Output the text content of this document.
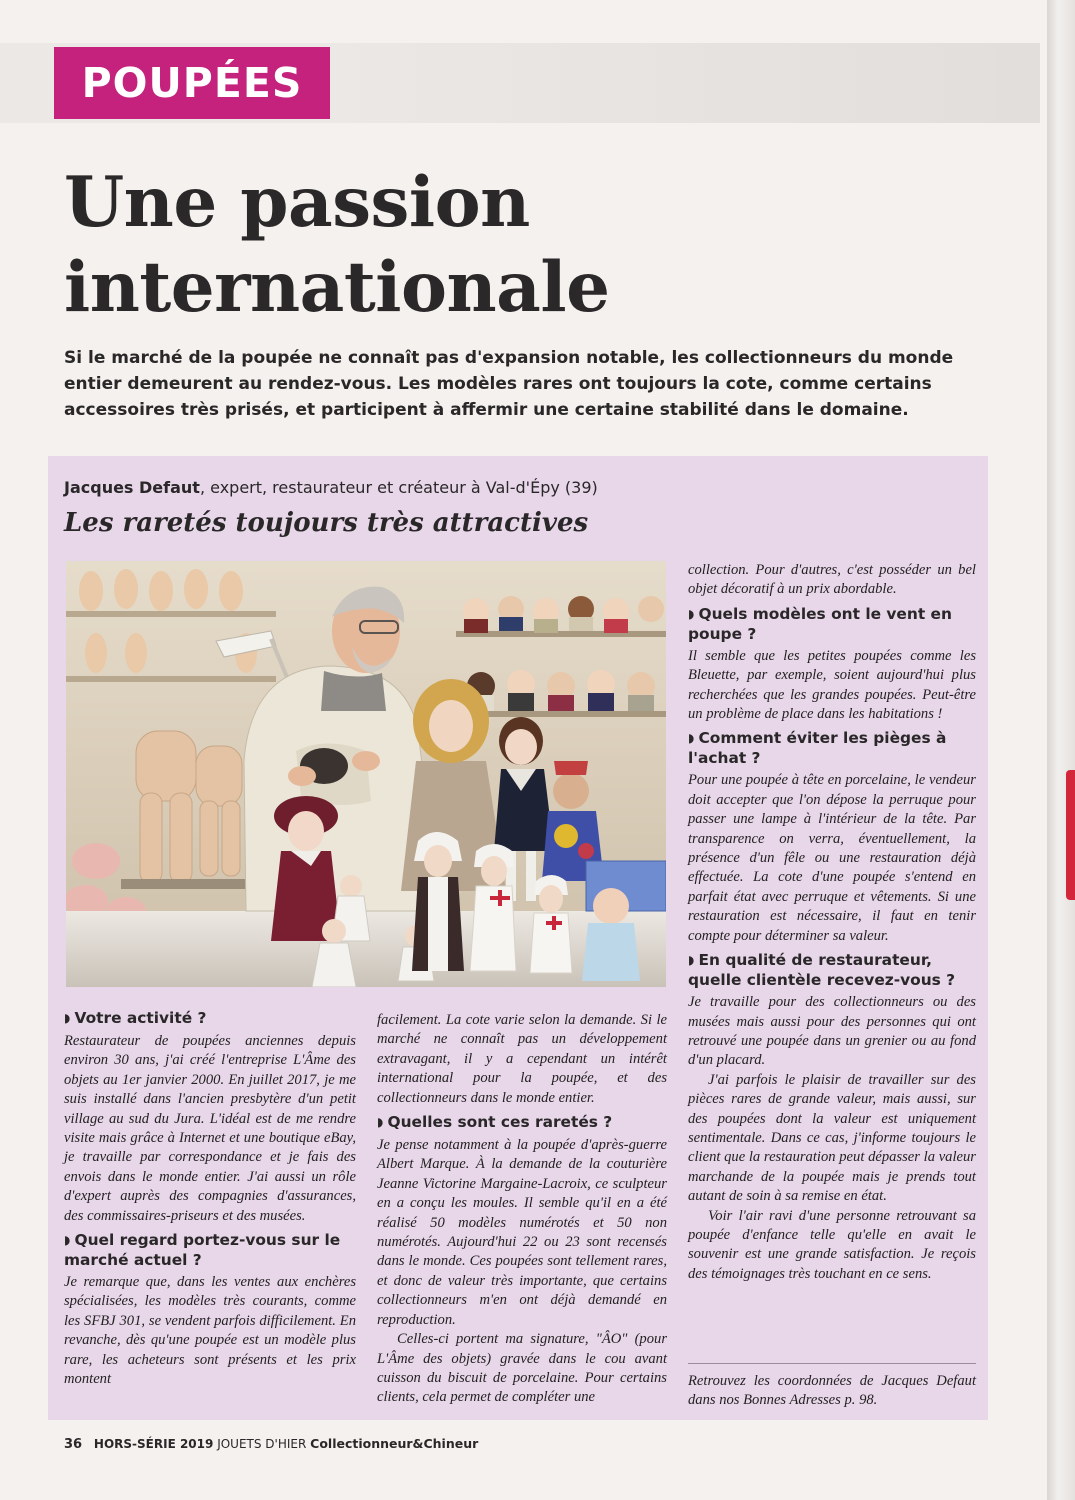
POUPÉES
Une passion internationale

Si le marché de la poupée ne connaît pas d'expansion notable, les collectionneurs du monde entier demeurent au rendez-vous. Les modèles rares ont toujours la cote, comme certains accessoires très prisés, et participent à affermir une certaine stabilité dans le domaine.

Jacques Defaut, expert, restaurateur et créateur à Val-d'Épy (39)
Les raretés toujours très attractives
◗ Votre activité ?

Restaurateur de poupées anciennes depuis environ 30 ans, j'ai créé l'entreprise L'Âme des objets au 1er janvier 2000. En juillet 2017, je me suis installé dans l'ancien presbytère d'un petit village au sud du Jura. L'idéal est de me rendre visite mais grâce à Internet et une boutique eBay, je travaille par correspondance et je fais des envois dans le monde entier. J'ai aussi un rôle d'expert auprès des compagnies d'assurances, des commissaires-priseurs et des musées.

◗ Quel regard portez-vous sur le marché actuel ?

Je remarque que, dans les ventes aux enchères spécialisées, les modèles très courants, comme les SFBJ 301, se vendent parfois difficilement. En revanche, dès qu'une poupée est un modèle plus rare, les acheteurs sont présents et les prix montent

facilement. La cote varie selon la demande. Si le marché ne connaît pas un développement extravagant, il y a cependant un intérêt international pour la poupée, et des collectionneurs dans le monde entier.

◗ Quelles sont ces raretés ?

Je pense notamment à la poupée d'après-guerre Albert Marque. À la demande de la couturière Jeanne Victorine Margaine-Lacroix, ce sculpteur en a conçu les moules. Il semble qu'il en a été réalisé 50 modèles numérotés et 50 non numérotés. Aujourd'hui 22 ou 23 sont recensés dans le monde. Ces poupées sont tellement rares, et donc de valeur très importante, que certains collectionneurs m'en ont déjà demandé en reproduction.

Celles-ci portent ma signature, "ÂO" (pour L'Âme des objets) gravée dans le cou avant cuisson du biscuit de porcelaine. Pour certains clients, cela permet de compléter une

collection. Pour d'autres, c'est posséder un bel objet décoratif à un prix abordable.

◗ Quels modèles ont le vent en poupe ?

Il semble que les petites poupées comme les Bleuette, par exemple, soient aujourd'hui plus recherchées que les grandes poupées. Peut-être un problème de place dans les habitations !

◗ Comment éviter les pièges à l'achat ?

Pour une poupée à tête en porcelaine, le vendeur doit accepter que l'on dépose la perruque pour passer une lampe à l'intérieur de la tête. Par transparence on verra, éventuellement, la présence d'un fêle ou une restauration déjà effectuée. La cote d'une poupée s'entend en parfait état avec perruque et vêtements. Si une restauration est nécessaire, il faut en tenir compte pour déterminer sa valeur.

◗ En qualité de restaurateur, quelle clientèle recevez-vous ?

Je travaille pour des collectionneurs ou des musées mais aussi pour des personnes qui ont retrouvé une poupée dans un grenier ou au fond d'un placard.

J'ai parfois le plaisir de travailler sur des pièces rares de grande valeur, mais aussi, sur des poupées dont la valeur est uniquement sentimentale. Dans ce cas, j'informe toujours le client que la restauration peut dépasser la valeur marchande de la poupée mais je prends tout autant de soin à sa remise en état.

Voir l'air ravi d'une personne retrouvant sa poupée d'enfance telle qu'elle en avait le souvenir est une grande satisfaction. Je reçois des témoignages très touchant en ce sens.

Retrouvez les coordonnées de Jacques Defaut dans nos Bonnes Adresses p. 98.
36 HORS-SÉRIE 2019 JOUETS D'HIER Collectionneur&Chineur
